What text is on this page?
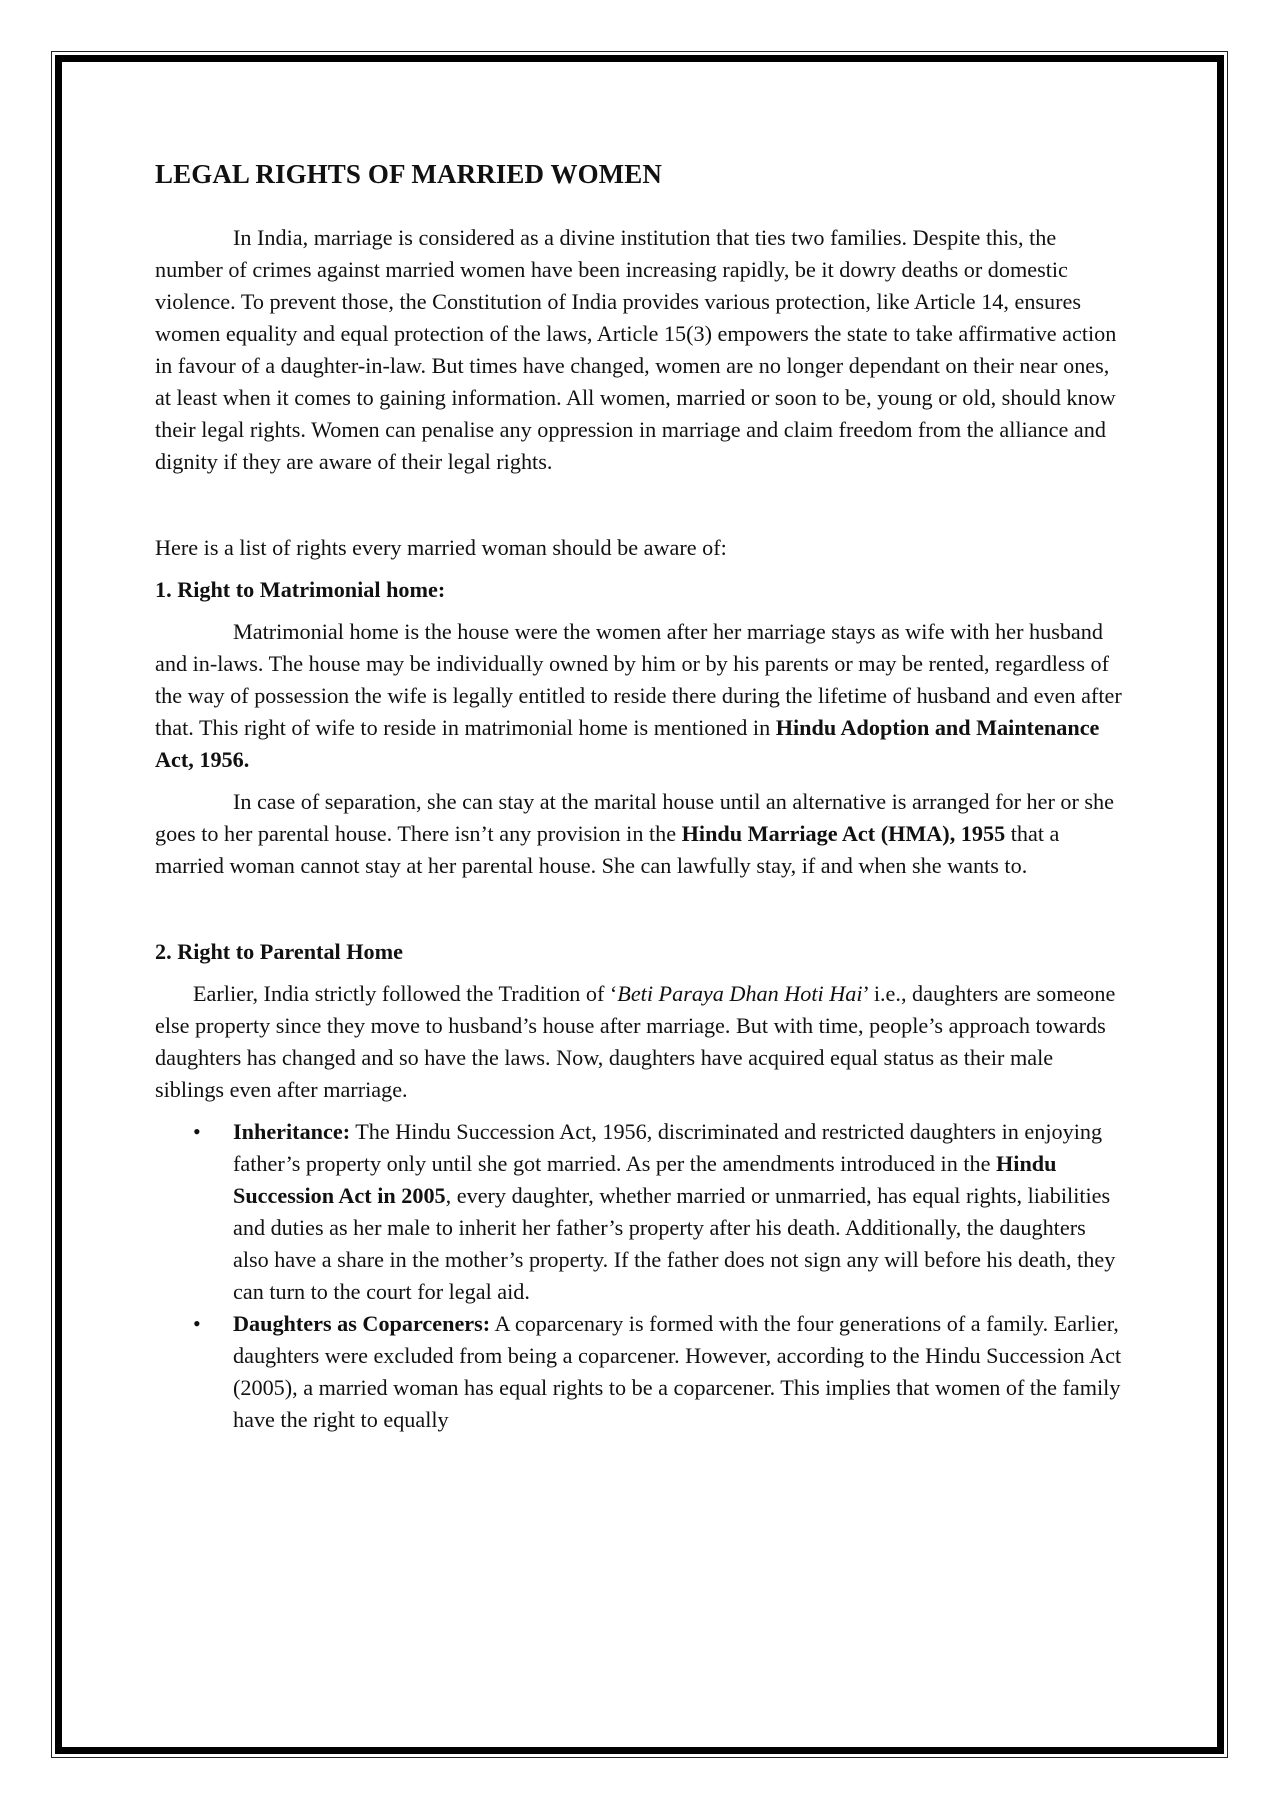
LEGAL RIGHTS OF MARRIED WOMEN

In India, marriage is considered as a divine institution that ties two families. Despite this, the number of crimes against married women have been increasing rapidly, be it dowry deaths or domestic violence. To prevent those, the Constitution of India provides various protection, like Article 14, ensures women equality and equal protection of the laws, Article 15(3) empowers the state to take affirmative action in favour of a daughter-in-law. But times have changed, women are no longer dependant on their near ones, at least when it comes to gaining information. All women, married or soon to be, young or old, should know their legal rights. Women can penalise any oppression in marriage and claim freedom from the alliance and dignity if they are aware of their legal rights.

Here is a list of rights every married woman should be aware of:

1. Right to Matrimonial home:

Matrimonial home is the house were the women after her marriage stays as wife with her husband and in-laws. The house may be individually owned by him or by his parents or may be rented, regardless of the way of possession the wife is legally entitled to reside there during the lifetime of husband and even after that. This right of wife to reside in matrimonial home is mentioned in Hindu Adoption and Maintenance Act, 1956.

In case of separation, she can stay at the marital house until an alternative is arranged for her or she goes to her parental house. There isn’t any provision in the Hindu Marriage Act (HMA), 1955 that a married woman cannot stay at her parental house. She can lawfully stay, if and when she wants to.

2. Right to Parental Home

Earlier, India strictly followed the Tradition of ‘Beti Paraya Dhan Hoti Hai’ i.e., daughters are someone else property since they move to husband’s house after marriage. But with time, people’s approach towards daughters has changed and so have the laws. Now, daughters have acquired equal status as their male siblings even after marriage.

• Inheritance: The Hindu Succession Act, 1956, discriminated and restricted daughters in enjoying father’s property only until she got married. As per the amendments introduced in the Hindu Succession Act in 2005, every daughter, whether married or unmarried, has equal rights, liabilities and duties as her male to inherit her father’s property after his death. Additionally, the daughters also have a share in the mother’s property. If the father does not sign any will before his death, they can turn to the court for legal aid.
• Daughters as Coparceners: A coparcenary is formed with the four generations of a family. Earlier, daughters were excluded from being a coparcener. However, according to the Hindu Succession Act (2005), a married woman has equal rights to be a coparcener. This implies that women of the family have the right to equally
